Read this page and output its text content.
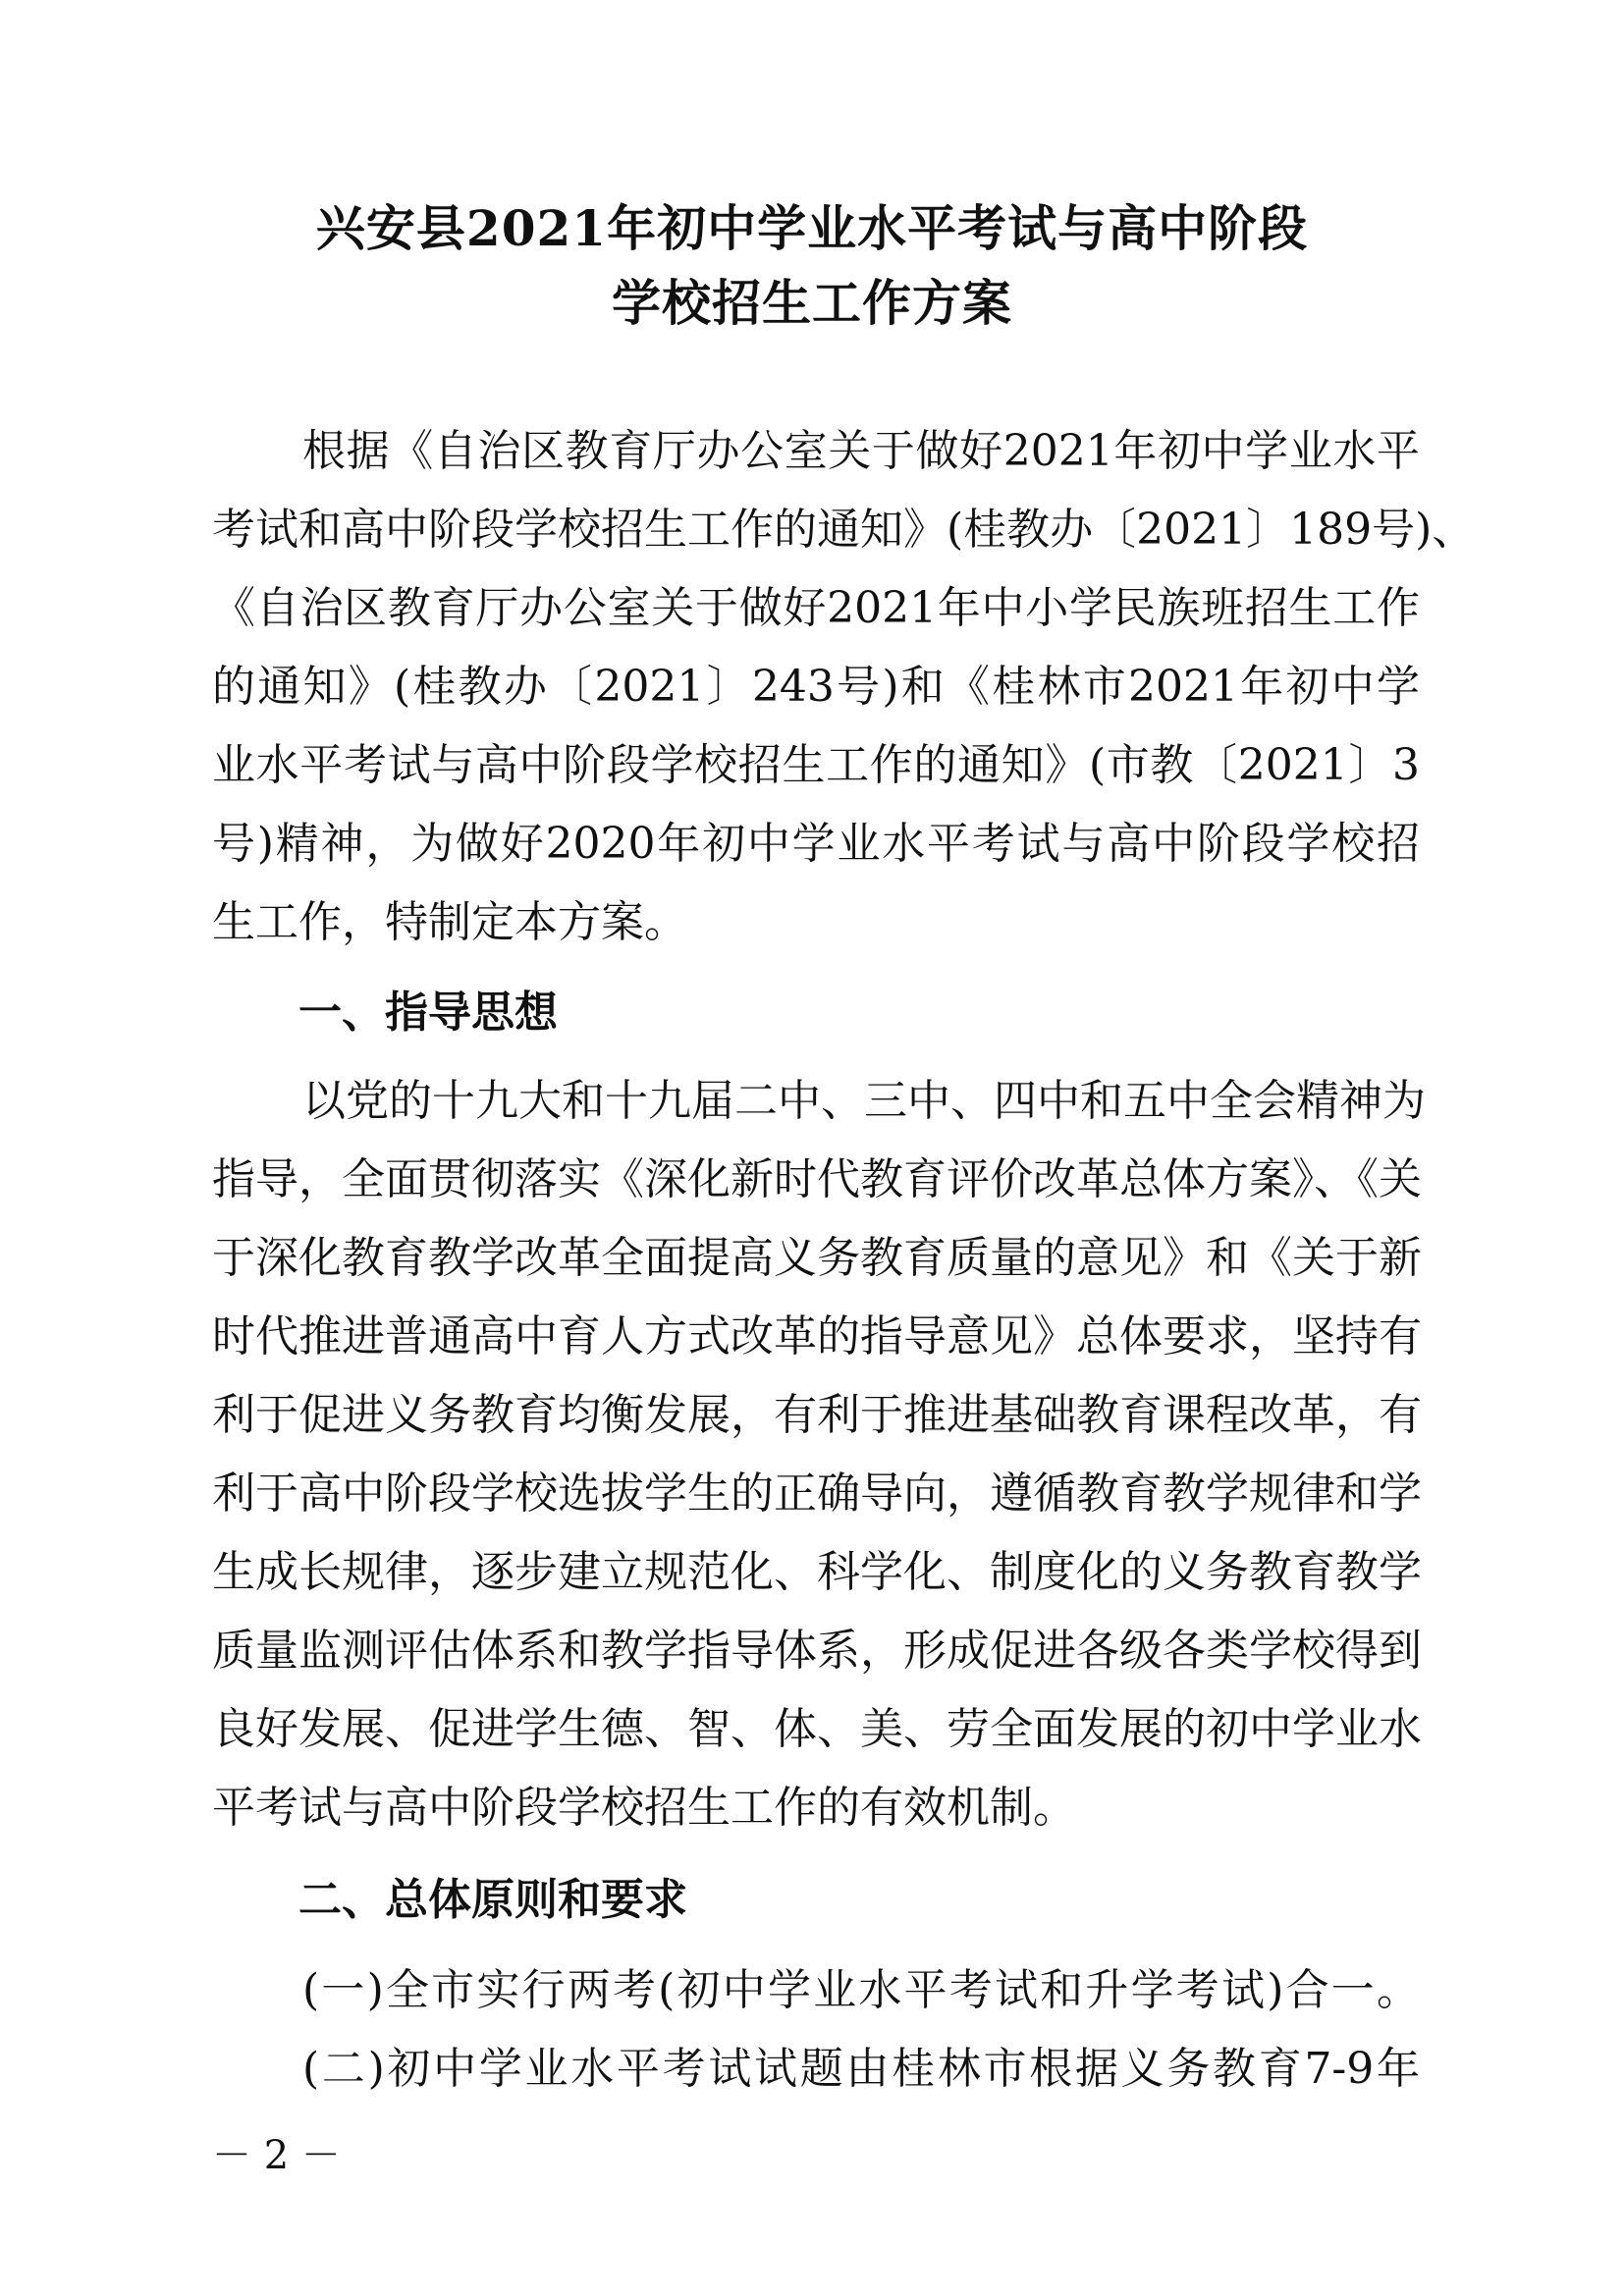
兴安县2021年初中学业水平考试与高中阶段
学校招生工作方案
根据《自治区教育厅办公室关于做好2021年初中学业水平
考试和高中阶段学校招生工作的通知》(桂教办〔2021〕189号)、
《自治区教育厅办公室关于做好2021年中小学民族班招生工作
的通知》(桂教办〔2021〕243号)和《桂林市2021年初中学
业水平考试与高中阶段学校招生工作的通知》(市教〔2021〕3
号)精神，为做好2020年初中学业水平考试与高中阶段学校招
生工作，特制定本方案。
一、指导思想
以党的十九大和十九届二中、三中、四中和五中全会精神为
指导，全面贯彻落实《深化新时代教育评价改革总体方案》、《关
于深化教育教学改革全面提高义务教育质量的意见》和《关于新
时代推进普通高中育人方式改革的指导意见》总体要求，坚持有
利于促进义务教育均衡发展，有利于推进基础教育课程改革，有
利于高中阶段学校选拔学生的正确导向，遵循教育教学规律和学
生成长规律，逐步建立规范化、科学化、制度化的义务教育教学
质量监测评估体系和教学指导体系，形成促进各级各类学校得到
良好发展、促进学生德、智、体、美、劳全面发展的初中学业水
平考试与高中阶段学校招生工作的有效机制。
二、总体原则和要求
(一)全市实行两考(初中学业水平考试和升学考试)合一。
(二)初中学业水平考试试题由桂林市根据义务教育7-9年
－ 2 －
